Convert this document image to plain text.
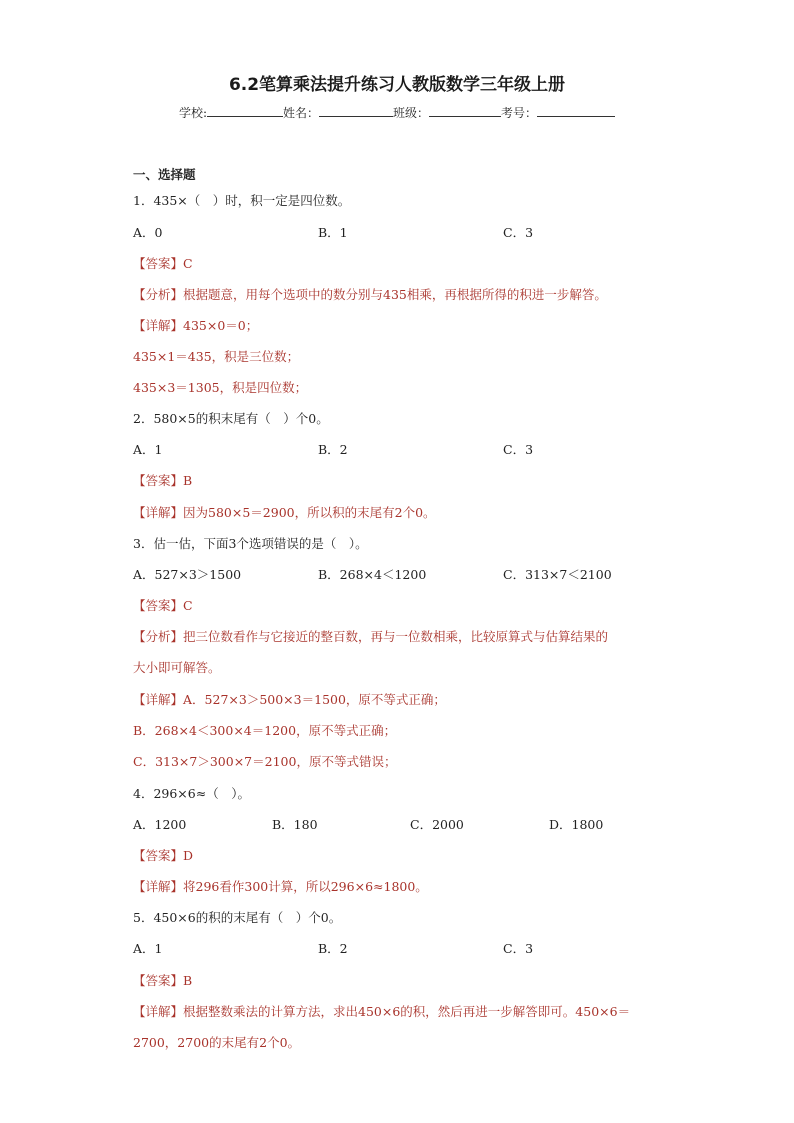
6.2笔算乘法提升练习人教版数学三年级上册
学校:	姓名：	班级：	考号：
一、选择题
1．435×（　）时，积一定是四位数。
A．0	B．1	C．3
【答案】C
【分析】根据题意，用每个选项中的数分别与435相乘，再根据所得的积进一步解答。
【详解】435×0＝0；
435×1＝435，积是三位数；
435×3＝1305，积是四位数；
2．580×5的积末尾有（　）个0。
A．1	B．2	C．3
【答案】B
【详解】因为580×5＝2900，所以积的末尾有2个0。
3．估一估，下面3个选项错误的是（　）。
A．527×3＞1500	B．268×4＜1200	C．313×7＜2100
【答案】C
【分析】把三位数看作与它接近的整百数，再与一位数相乘，比较原算式与估算结果的
大小即可解答。
【详解】A．527×3＞500×3＝1500，原不等式正确；
B．268×4＜300×4＝1200，原不等式正确；
C．313×7＞300×7＝2100，原不等式错误；
4．296×6≈（　）。
A．1200	B．180	C．2000	D．1800
【答案】D
【详解】将296看作300计算，所以296×6≈1800。
5．450×6的积的末尾有（　）个0。
A．1	B．2	C．3
【答案】B
【详解】根据整数乘法的计算方法，求出450×6的积，然后再进一步解答即可。450×6＝
2700，2700的末尾有2个0。
